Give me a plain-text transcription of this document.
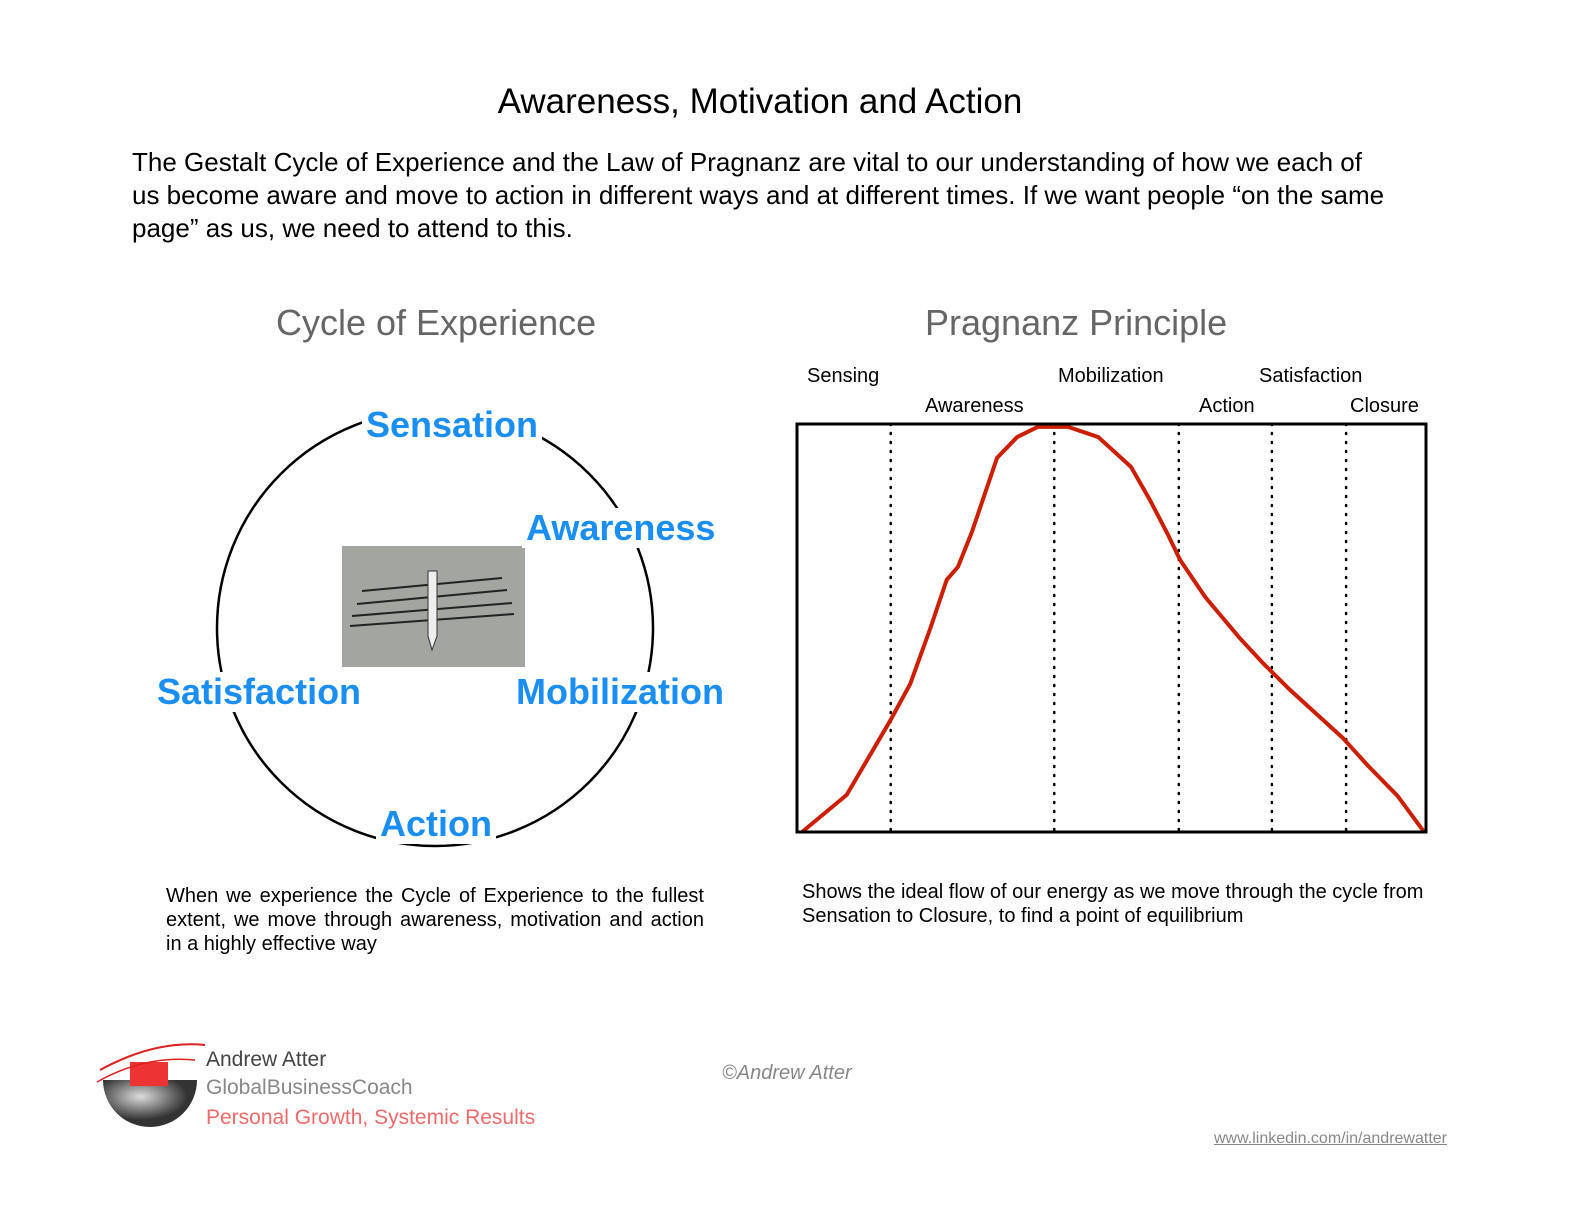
Awareness, Motivation and Action
The Gestalt Cycle of Experience and the Law of Pragnanz are vital to our understanding of how we each of us become aware and move to action in different ways and at different times. If we want people “on the same page” as us, we need to attend to this.
Cycle of Experience	Pragnanz Principle
Sensation
Awareness
Mobilization
Action
Satisfaction
Sensing
Awareness
Mobilization
Action
Satisfaction
Closure
When we experience the Cycle of Experience to the fullest extent, we move through awareness, motivation and action in a highly effective way
Shows the ideal flow of our energy as we move through the cycle from Sensation to Closure, to find a point of equilibrium
Andrew Atter
GlobalBusinessCoach
Personal Growth, Systemic Results
©Andrew Atter
www.linkedin.com/in/andrewatter
